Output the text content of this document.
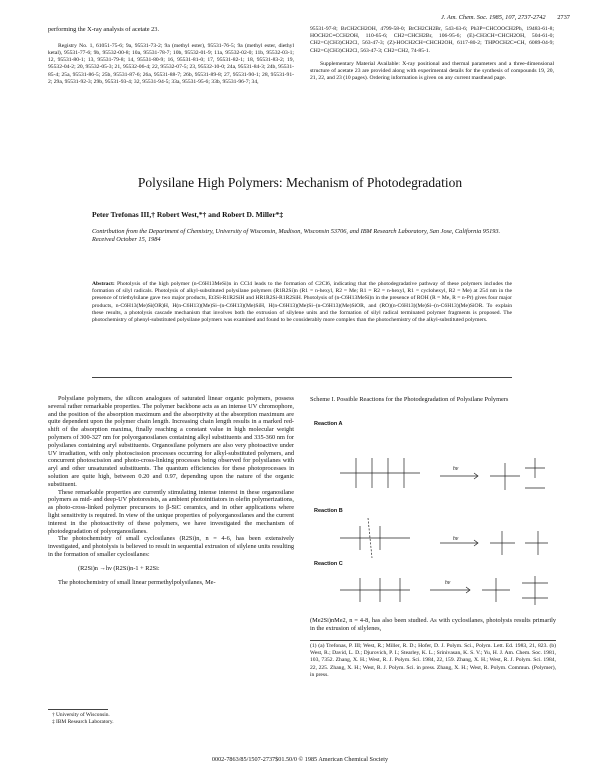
J. Am. Chem. Soc. 1985, 107, 2737-2742 2737
performing the X-ray analysis of acetate 23.
Registry No. 1, 61051-75-6; 9a, 95531-73-2; 9a (methyl ester), 95531-76-5; 9a (methyl ester, diethyl ketal), 95531-77-6; 9b, 95532-00-8; 10a, 95531-78-7; 10b, 95532-01-9; 11a, 95532-02-0; 11b, 95532-03-1; 12, 95531-80-1; 13, 95531-79-8; 14, 95531-80-9; 16, 95531-81-0; 17, 95531-82-1; 18, 95531-83-2; 19, 95532-04-2; 20, 95532-05-3; 21, 95532-06-4; 22, 95532-07-5; 23, 95532-10-0; 24a, 95531-84-3; 24b, 95531-85-4; 25a, 95531-86-5; 25b, 95531-87-6; 26a, 95531-88-7; 26b, 95531-89-8; 27, 95531-90-1; 28, 95531-91-2; 29a, 95531-92-3; 29b, 95531-93-4; 32, 95531-94-5; 33a, 95531-95-6; 33b, 95531-96-7; 34,
95531-97-8; BrCH2CH2OH, 4799-58-0; BrCH2CH2Br, 543-63-6; Ph3P=CHCOOCH2Ph, 19483-61-8; HOCH2C≡CCH2OH, 110-65-6; CH2=CHCH2Br, 106-95-6; (E)-CH3CH=CHCH2OH, 504-61-0; CH2=C(CH3)CH2Cl, 563-47-3; (Z)-HOCH2CH=CHCH2OH, 6117-80-2; THPOCH2C≡CH, 6089-04-9; CH2=C(CH3)CH2Cl, 563-47-3; CH2=CH2, 74-85-1.
Supplementary Material Available: X-ray positional and thermal parameters and a three-dimensional structure of acetate 23 are provided along with experimental details for the synthesis of compounds 19, 20, 21, 22, and 23 (10 pages). Ordering information is given on any current masthead page.
Polysilane High Polymers: Mechanism of Photodegradation
Peter Trefonas III,† Robert West,*† and Robert D. Miller*‡
Contribution from the Department of Chemistry, University of Wisconsin, Madison, Wisconsin 53706, and IBM Research Laboratory, San Jose, California 95193.
Received October 15, 1984
Abstract: Photolysis of the high polymer (n-C6H13MeSi)n in CCl4 leads to the formation of C2Cl6, indicating that the photodegradative pathway of these polymers includes the formation of silyl radicals. Photolysis of alkyl-substituted polysilane polymers (R1R2Si)n (R1 = n-hexyl, R2 = Me; R1 = R2 = n-hexyl, R1 = cyclohexyl, R2 = Me) at 254 nm in the presence of triethylsilane gave two major products, Et3Si-R1R2SiH and HR1R2Si-R1R2SiH. Photolysis of (n-C6H13MeSi)n in the presence of ROH (R = Me, R = n-Pr) gives four major products, n-C6H13(Me)Si(OR)H, H(n-C6H13)(Me)Si–(n-C6H13)(Me)SiH, H(n-C6H13)(Me)Si–(n-C6H13)(Me)SiOR, and (RO)(n-C6H13)(Me)Si–(n-C6H13)(Me)SiOR. To explain these results, a photolysis cascade mechanism that involves both the extrusion of silylene units and the formation of silyl radical terminated polymer fragments is proposed. The photochemistry of phenyl-substituted polysilane polymers was examined and found to be considerably more complex than the photochemistry of the alkyl-substituted polymers.

Polysilane polymers, the silicon analogues of saturated linear organic polymers, possess several rather remarkable properties. The polymer backbone acts as an intense UV chromophore, and the position of the absorption maximum and the absorptivity at the absorption maximum are quite dependent upon the polymer chain length. Increasing chain length results in a marked red-shift of the absorption maxima, finally reaching a constant value in high molecular weight polymers of 300-327 nm for polyorganosilanes containing alkyl substituents and 335-360 nm for polysilanes containing aryl substituents. Organosilane polymers are also very photoactive under UV irradiation, with only photoscission processes occurring for alkyl-substituted polymers, and concurrent photoscission and photo-cross-linking processes being observed for polysilanes with aryl and other unsaturated substituents. The quantum efficiencies for these photoprocesses in solution are quite high, between 0.20 and 0.97, depending upon the nature of the organic substituent.

These remarkable properties are currently stimulating intense interest in these organosilane polymers as mid- and deep-UV photoresists, as ambient photoinitiators in olefin polymerizations, as photo-cross-linked polymer precursors to β-SiC ceramics, and in other applications where light sensitivity is required. In view of the unique properties of polyorganosilanes and the current interest in the photoactivity of these polymers, we have investigated the mechanism of photodegradation of polyorganosilanes.

The photochemistry of small cyclosilanes (R2Si)n, n = 4-6, has been extensively investigated, and photolysis is believed to result in sequential extrusion of silylene units resulting in the formation of smaller cyclosilanes:

(R2Si)n →hν (R2Si)n-1 + R2Si:

The photochemistry of small linear permethylpolysilanes, Me-

† University of Wisconsin.
‡ IBM Research Laboratory.
Scheme I. Possible Reactions for the Photodegradation of Polysilane Polymers
Reaction A
Reaction B
Reaction C
hν
hν
hν
(Me2Si)nMe2, n = 4-8, has also been studied. As with cyclosilanes, photolysis results primarily in the extrusion of silylenes,
(1) (a) Trefonas, P. III; West, R.; Miller, R. D.; Hofer, D. J. Polym. Sci., Polym. Lett. Ed. 1983, 21, 823. (b) West, R.; David, L. D.; Djurovich, P. I.; Stearley, K. L.; Srinivasan, K. S. V.; Yu, H. J. Am. Chem. Soc. 1981, 103, 7352. Zhang, X. H.; West, R. J. Polym. Sci. 1984, 22, 159. Zhang, X. H.; West, R. J. Polym. Sci. 1984, 22, 225. Zhang, X. H.; West, R. J. Polym. Sci. in press. Zhang, X. H.; West, R. Polym. Commun. (Polymer), in press.
0002-7863/85/1507-2737$01.50/0 © 1985 American Chemical Society
